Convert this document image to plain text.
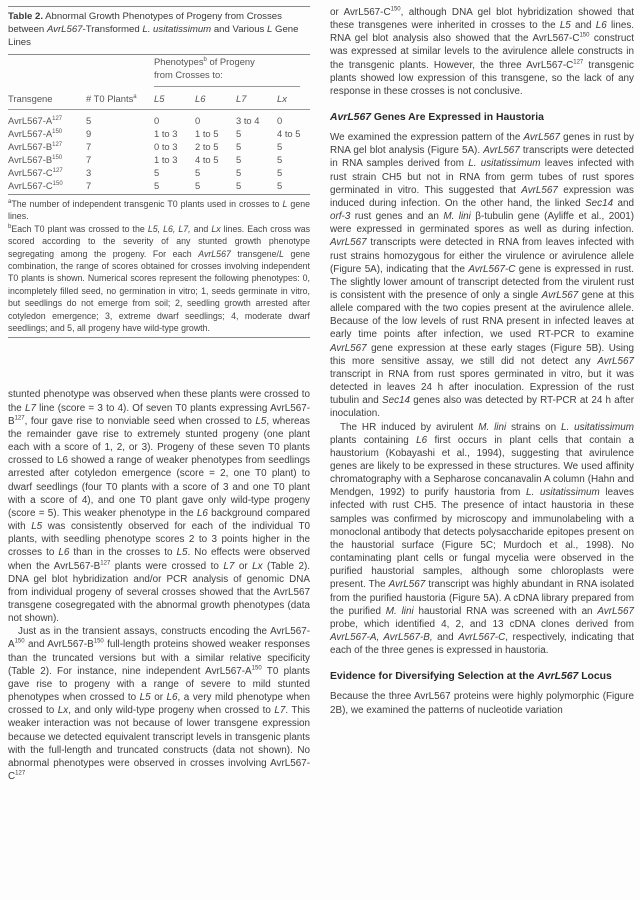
Table 2. Abnormal Growth Phenotypes of Progeny from Crosses between AvrL567-Transformed L. usitatissimum and Various L Gene Lines
		Phenotypes$^b$ of Progeny from Crosses to:			

Transgene	# T0 Plants$^a$	L5	L6	L7	Lx

$AvrL567-A^{127}$	5	0	0	3 to 4	0
$AvrL567-A^{150}$	9	1 to 3	1 to 5	5	4 to 5
$AvrL567-B^{127}$	7	0 to 3	2 to 5	5	5
$AvrL567-B^{150}$	7	1 to 3	4 to 5	5	5
$AvrL567-C^{127}$	3	5	5	5	5
$AvrL567-C^{150}$	7	5	5	5	5

$^a$The number of independent transgenic T0 plants used in crosses to L gene lines.

$^b$Each T0 plant was crossed to the L5, L6, L7, and Lx lines. Each cross was scored according to the severity of any stunted growth phenotype segregating among the progeny. For each AvrL567 transgene/L gene combination, the range of scores obtained for crosses involving independent T0 plants is shown. Numerical scores represent the following phenotypes: 0, incompletely filled seed, no germination in vitro; 1, seeds germinate in vitro, but seedlings do not emerge from soil; 2, seedling growth arrested after cotyledon emergence; 3, extreme dwarf seedlings; 4, moderate dwarf seedlings; and 5, all progeny have wild-type growth.

stunted phenotype was observed when these plants were crossed to the L7 line (score = 3 to 4). Of seven T0 plants expressing $AvrL567-B^{127}$, four gave rise to nonviable seed when crossed to L5, whereas the remainder gave rise to extremely stunted progeny (one plant each with a score of 1, 2, or 3). Progeny of these seven T0 plants crossed to L6 showed a range of weaker phenotypes from seedlings arrested after cotyledon emergence (score = 2, one T0 plant) to dwarf seedlings (four T0 plants with a score of 3 and one T0 plant with a score of 4), and one T0 plant gave only wild-type progeny (score = 5). This weaker phenotype in the L6 background compared with L5 was consistently observed for each of the individual T0 plants, with seedling phenotype scores 2 to 3 points higher in the crosses to L6 than in the crosses to L5. No effects were observed when the $AvrL567-B^{127}$ plants were crossed to L7 or Lx (Table 2). DNA gel blot hybridization and/or PCR analysis of genomic DNA from individual progeny of several crosses showed that the AvrL567 transgene cosegregated with the abnormal growth phenotypes (data not shown).

Just as in the transient assays, constructs encoding the $AvrL567-A^{150}$ and $AvrL567-B^{150}$ full-length proteins showed weaker responses than the truncated versions but with a similar relative specificity (Table 2). For instance, nine independent $AvrL567-A^{150}$ T0 plants gave rise to progeny with a range of severe to mild stunted phenotypes when crossed to L5 or L6, a very mild phenotype when crossed to Lx, and only wild-type progeny when crossed to L7. This weaker interaction was not because of lower transgene expression because we detected equivalent transcript levels in transgenic plants with the full-length and truncated constructs (data not shown). No abnormal phenotypes were observed in crosses involving $AvrL567-C^{127}$

or $AvrL567-C^{150}$, although DNA gel blot hybridization showed that these transgenes were inherited in crosses to the L5 and L6 lines. RNA gel blot analysis also showed that the $AvrL567-C^{150}$ construct was expressed at similar levels to the avirulence allele constructs in the transgenic plants. However, the three $AvrL567-C^{127}$ transgenic plants showed low expression of this transgene, so the lack of any response in these crosses is not conclusive.

AvrL567 Genes Are Expressed in Haustoria

We examined the expression pattern of the AvrL567 genes in rust by RNA gel blot analysis (Figure 5A). AvrL567 transcripts were detected in RNA samples derived from L. usitatissimum leaves infected with rust strain CH5 but not in RNA from germ tubes of rust spores germinated in vitro. This suggested that AvrL567 expression was induced during infection. On the other hand, the linked Sec14 and orf-3 rust genes and an M. lini β-tubulin gene (Ayliffe et al., 2001) were expressed in germinated spores as well as during infection. AvrL567 transcripts were detected in RNA from leaves infected with rust strains homozygous for either the virulence or avirulence allele (Figure 5A), indicating that the AvrL567-C gene is expressed in rust. The slightly lower amount of transcript detected from the virulent rust is consistent with the presence of only a single AvrL567 gene at this allele compared with the two copies present at the avirulence allele. Because of the low levels of rust RNA present in infected leaves at early time points after infection, we used RT-PCR to examine AvrL567 gene expression at these early stages (Figure 5B). Using this more sensitive assay, we still did not detect any AvrL567 transcript in RNA from rust spores germinated in vitro, but it was detected in leaves 24 h after inoculation. Expression of the rust tubulin and Sec14 genes also was detected by RT-PCR at 24 h after inoculation.

The HR induced by avirulent M. lini strains on L. usitatissimum plants containing L6 first occurs in plant cells that contain a haustorium (Kobayashi et al., 1994), suggesting that avirulence genes are likely to be expressed in these structures. We used affinity chromatography with a Sepharose concanavalin A column (Hahn and Mendgen, 1992) to purify haustoria from L. usitatissimum leaves infected with rust CH5. The presence of intact haustoria in these samples was confirmed by microscopy and immunolabeling with a monoclonal antibody that detects polysaccharide epitopes present on the haustorial surface (Figure 5C; Murdoch et al., 1998). No contaminating plant cells or fungal mycelia were observed in the purified haustorial samples, although some chloroplasts were present. The AvrL567 transcript was highly abundant in RNA isolated from the purified haustoria (Figure 5A). A cDNA library prepared from the purified M. lini haustorial RNA was screened with an AvrL567 probe, which identified 4, 2, and 13 cDNA clones derived from AvrL567-A, AvrL567-B, and AvrL567-C, respectively, indicating that each of the three genes is expressed in haustoria.

Evidence for Diversifying Selection at the AvrL567 Locus

Because the three AvrL567 proteins were highly polymorphic (Figure 2B), we examined the patterns of nucleotide variation
